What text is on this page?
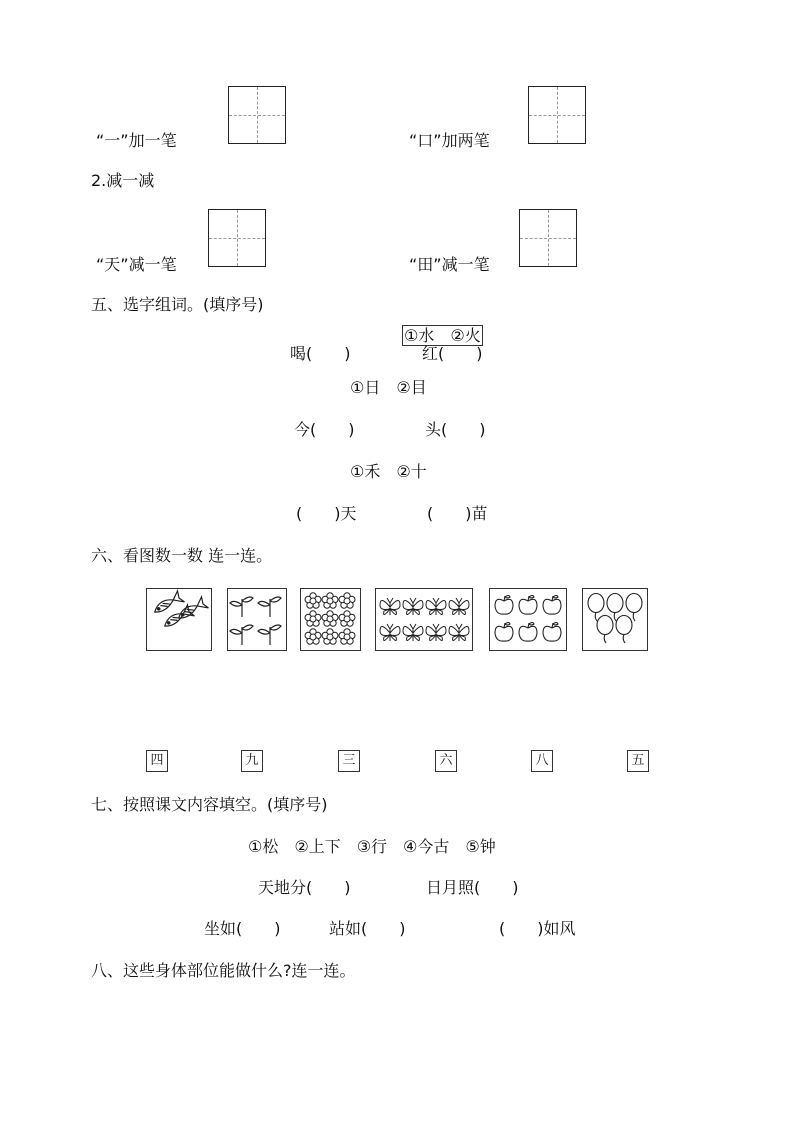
“一”加一笔	“口”加两笔
2.减一减
“天”减一笔	“田”减一笔
五、选字组词。(填序号)
①水　②火
喝(　　)	红(　　)
①日　②目
今(　　)	头(　　)
①禾　②十
(　　)天	(　　)苗
六、看图数一数 连一连。
四	九	三	六	八	五
七、按照课文内容填空。(填序号)
①松　②上下　③行　④今古　⑤钟
天地分(　　)	日月照(　　)
坐如(　　)	站如(　　)	(　　)如风
八、这些身体部位能做什么?连一连。
